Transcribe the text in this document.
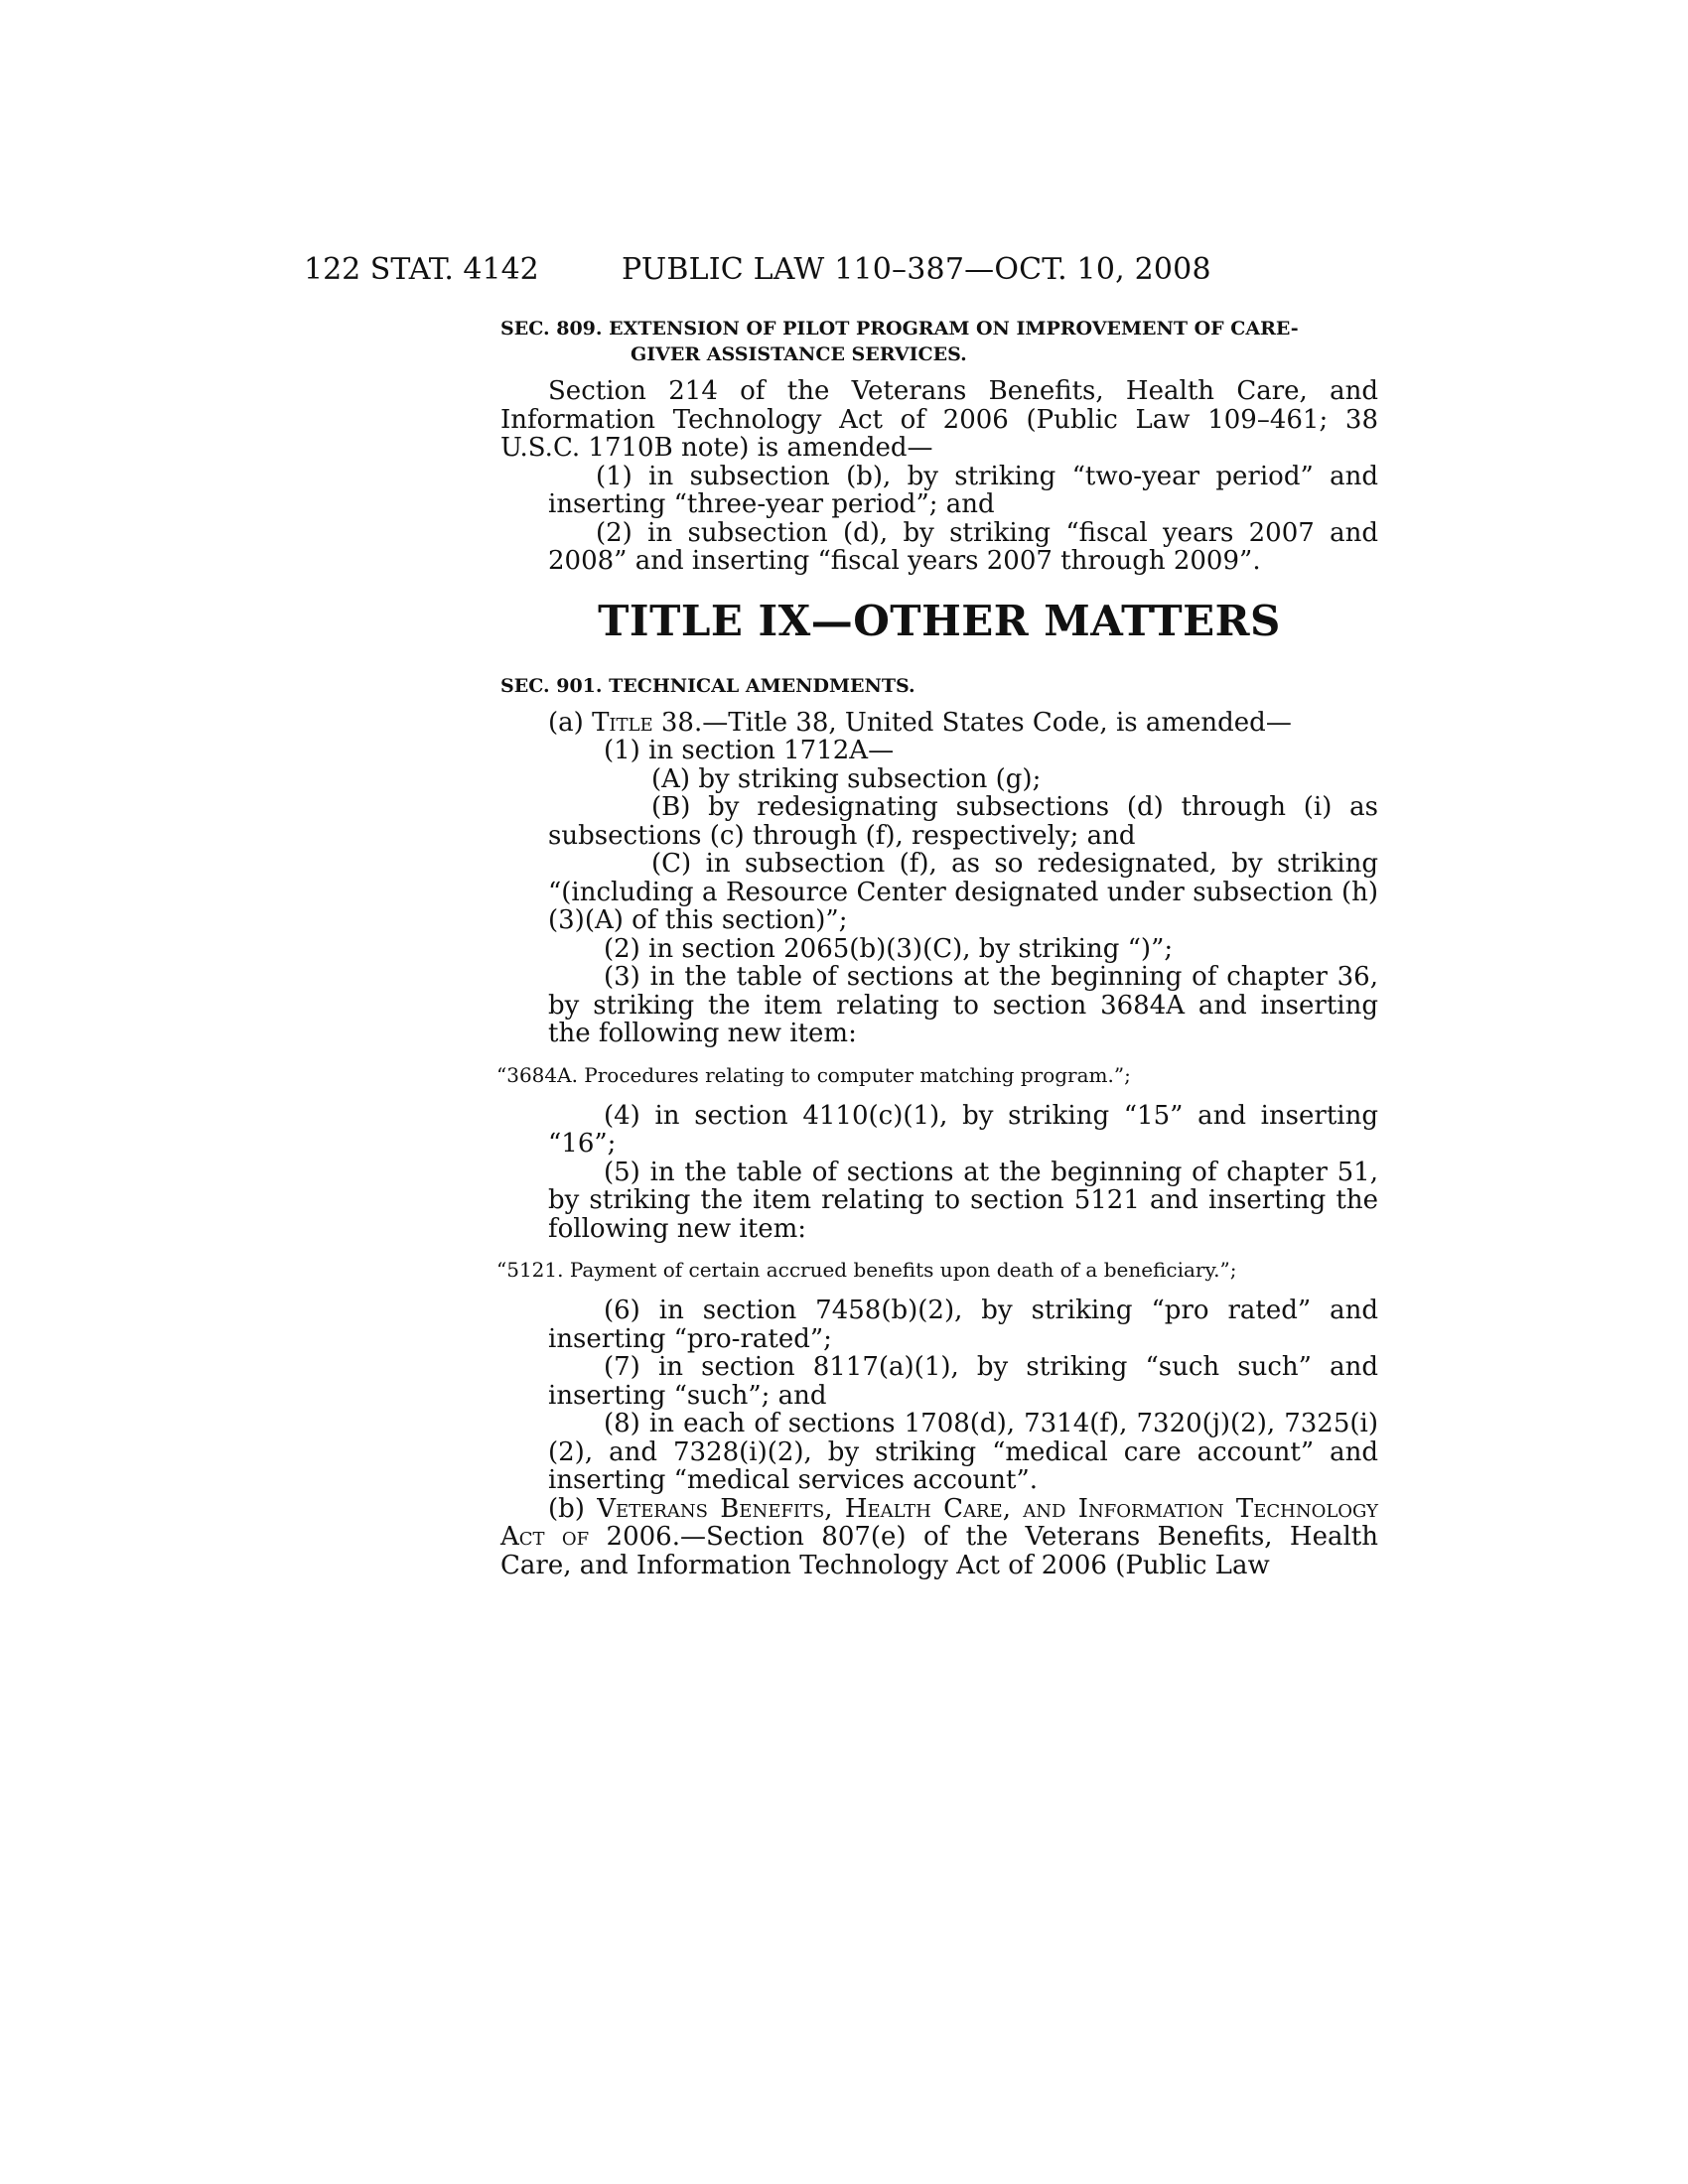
122 STAT. 4142	PUBLIC LAW 110–387—OCT. 10, 2008
SEC. 809. EXTENSION OF PILOT PROGRAM ON IMPROVEMENT OF CARE-
GIVER ASSISTANCE SERVICES.

Section 214 of the Veterans Benefits, Health Care, and Information Technology Act of 2006 (Public Law 109–461; 38 U.S.C. 1710B note) is amended—

(1) in subsection (b), by striking “two-year period” and inserting “three-year period”; and

(2) in subsection (d), by striking “fiscal years 2007 and 2008” and inserting “fiscal years 2007 through 2009”.

TITLE IX—OTHER MATTERS
SEC. 901. TECHNICAL AMENDMENTS.

(a) Title 38.—Title 38, United States Code, is amended—

(1) in section 1712A—

(A) by striking subsection (g);

(B) by redesignating subsections (d) through (i) as subsections (c) through (f), respectively; and

(C) in subsection (f), as so redesignated, by striking “(including a Resource Center designated under subsection (h)(3)(A) of this section)”;

(2) in section 2065(b)(3)(C), by striking “)”;

(3) in the table of sections at the beginning of chapter 36, by striking the item relating to section 3684A and inserting the following new item:

“3684A. Procedures relating to computer matching program.”;

(4) in section 4110(c)(1), by striking “15” and inserting “16”;

(5) in the table of sections at the beginning of chapter 51, by striking the item relating to section 5121 and inserting the following new item:

“5121. Payment of certain accrued benefits upon death of a beneficiary.”;

(6) in section 7458(b)(2), by striking “pro rated” and inserting “pro-rated”;

(7) in section 8117(a)(1), by striking “such such” and inserting “such”; and

(8) in each of sections 1708(d), 7314(f), 7320(j)(2), 7325(i)(2), and 7328(i)(2), by striking “medical care account” and inserting “medical services account”.

(b) Veterans Benefits, Health Care, and Information Technology Act of 2006.—Section 807(e) of the Veterans Benefits, Health Care, and Information Technology Act of 2006 (Public Law
